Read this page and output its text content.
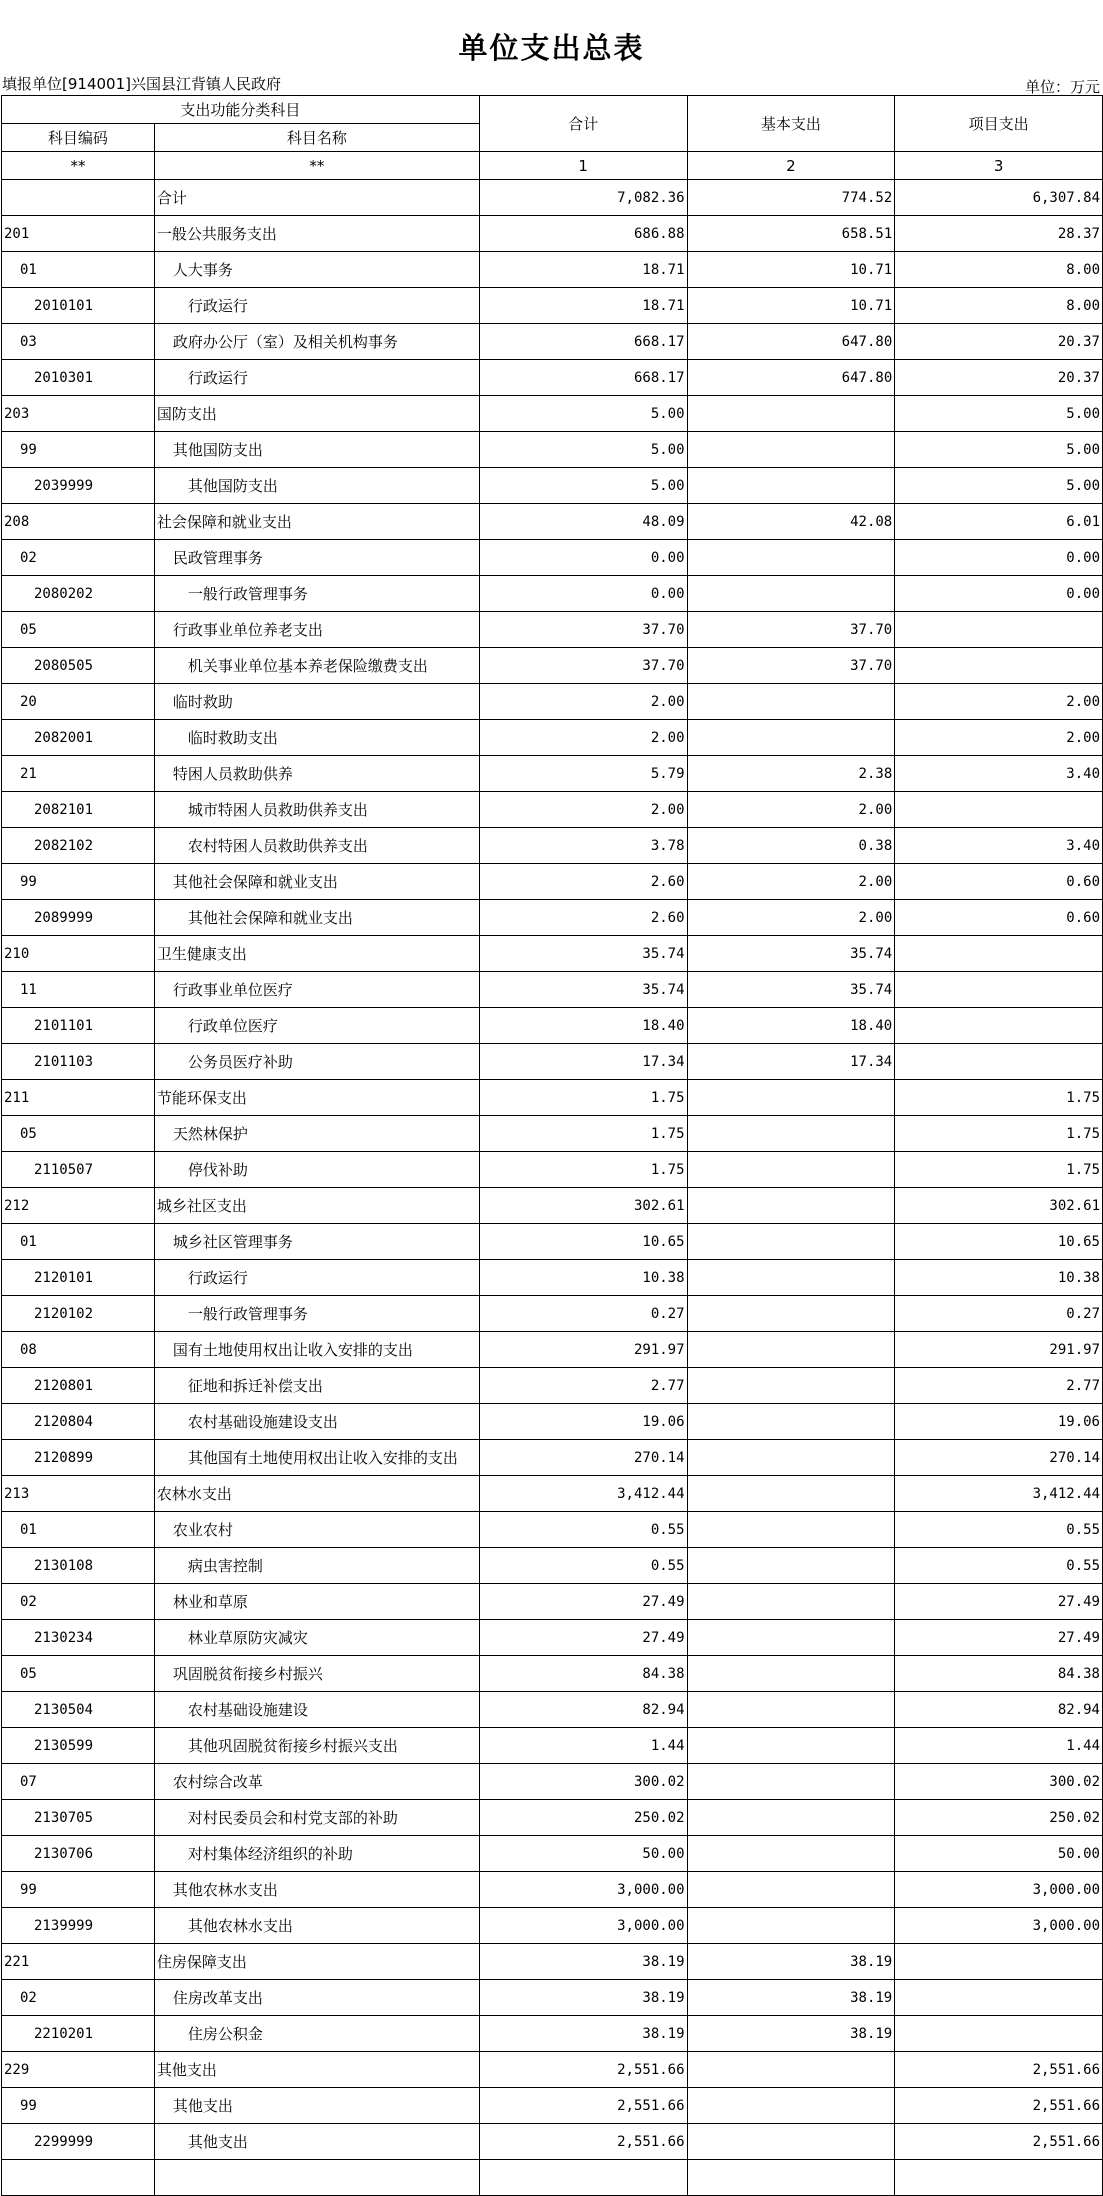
单位支出总表
填报单位[914001]兴国县江背镇人民政府	单位：万元
支出功能分类科目		合计	基本支出	项目支出
科目编码	科目名称			
**	**	1	2	3
	合计	7,082.36	774.52	6,307.84
201	一般公共服务支出	686.88	658.51	28.37
01	人大事务	18.71	10.71	8.00
2010101	行政运行	18.71	10.71	8.00
03	政府办公厅（室）及相关机构事务	668.17	647.80	20.37
2010301	行政运行	668.17	647.80	20.37
203	国防支出	5.00		5.00
99	其他国防支出	5.00		5.00
2039999	其他国防支出	5.00		5.00
208	社会保障和就业支出	48.09	42.08	6.01
02	民政管理事务	0.00		0.00
2080202	一般行政管理事务	0.00		0.00
05	行政事业单位养老支出	37.70	37.70	
2080505	机关事业单位基本养老保险缴费支出	37.70	37.70	
20	临时救助	2.00		2.00
2082001	临时救助支出	2.00		2.00
21	特困人员救助供养	5.79	2.38	3.40
2082101	城市特困人员救助供养支出	2.00	2.00	
2082102	农村特困人员救助供养支出	3.78	0.38	3.40
99	其他社会保障和就业支出	2.60	2.00	0.60
2089999	其他社会保障和就业支出	2.60	2.00	0.60
210	卫生健康支出	35.74	35.74	
11	行政事业单位医疗	35.74	35.74	
2101101	行政单位医疗	18.40	18.40	
2101103	公务员医疗补助	17.34	17.34	
211	节能环保支出	1.75		1.75
05	天然林保护	1.75		1.75
2110507	停伐补助	1.75		1.75
212	城乡社区支出	302.61		302.61
01	城乡社区管理事务	10.65		10.65
2120101	行政运行	10.38		10.38
2120102	一般行政管理事务	0.27		0.27
08	国有土地使用权出让收入安排的支出	291.97		291.97
2120801	征地和拆迁补偿支出	2.77		2.77
2120804	农村基础设施建设支出	19.06		19.06
2120899	其他国有土地使用权出让收入安排的支出	270.14		270.14
213	农林水支出	3,412.44		3,412.44
01	农业农村	0.55		0.55
2130108	病虫害控制	0.55		0.55
02	林业和草原	27.49		27.49
2130234	林业草原防灾减灾	27.49		27.49
05	巩固脱贫衔接乡村振兴	84.38		84.38
2130504	农村基础设施建设	82.94		82.94
2130599	其他巩固脱贫衔接乡村振兴支出	1.44		1.44
07	农村综合改革	300.02		300.02
2130705	对村民委员会和村党支部的补助	250.02		250.02
2130706	对村集体经济组织的补助	50.00		50.00
99	其他农林水支出	3,000.00		3,000.00
2139999	其他农林水支出	3,000.00		3,000.00
221	住房保障支出	38.19	38.19	
02	住房改革支出	38.19	38.19	
2210201	住房公积金	38.19	38.19	
229	其他支出	2,551.66		2,551.66
99	其他支出	2,551.66		2,551.66
2299999	其他支出	2,551.66		2,551.66
